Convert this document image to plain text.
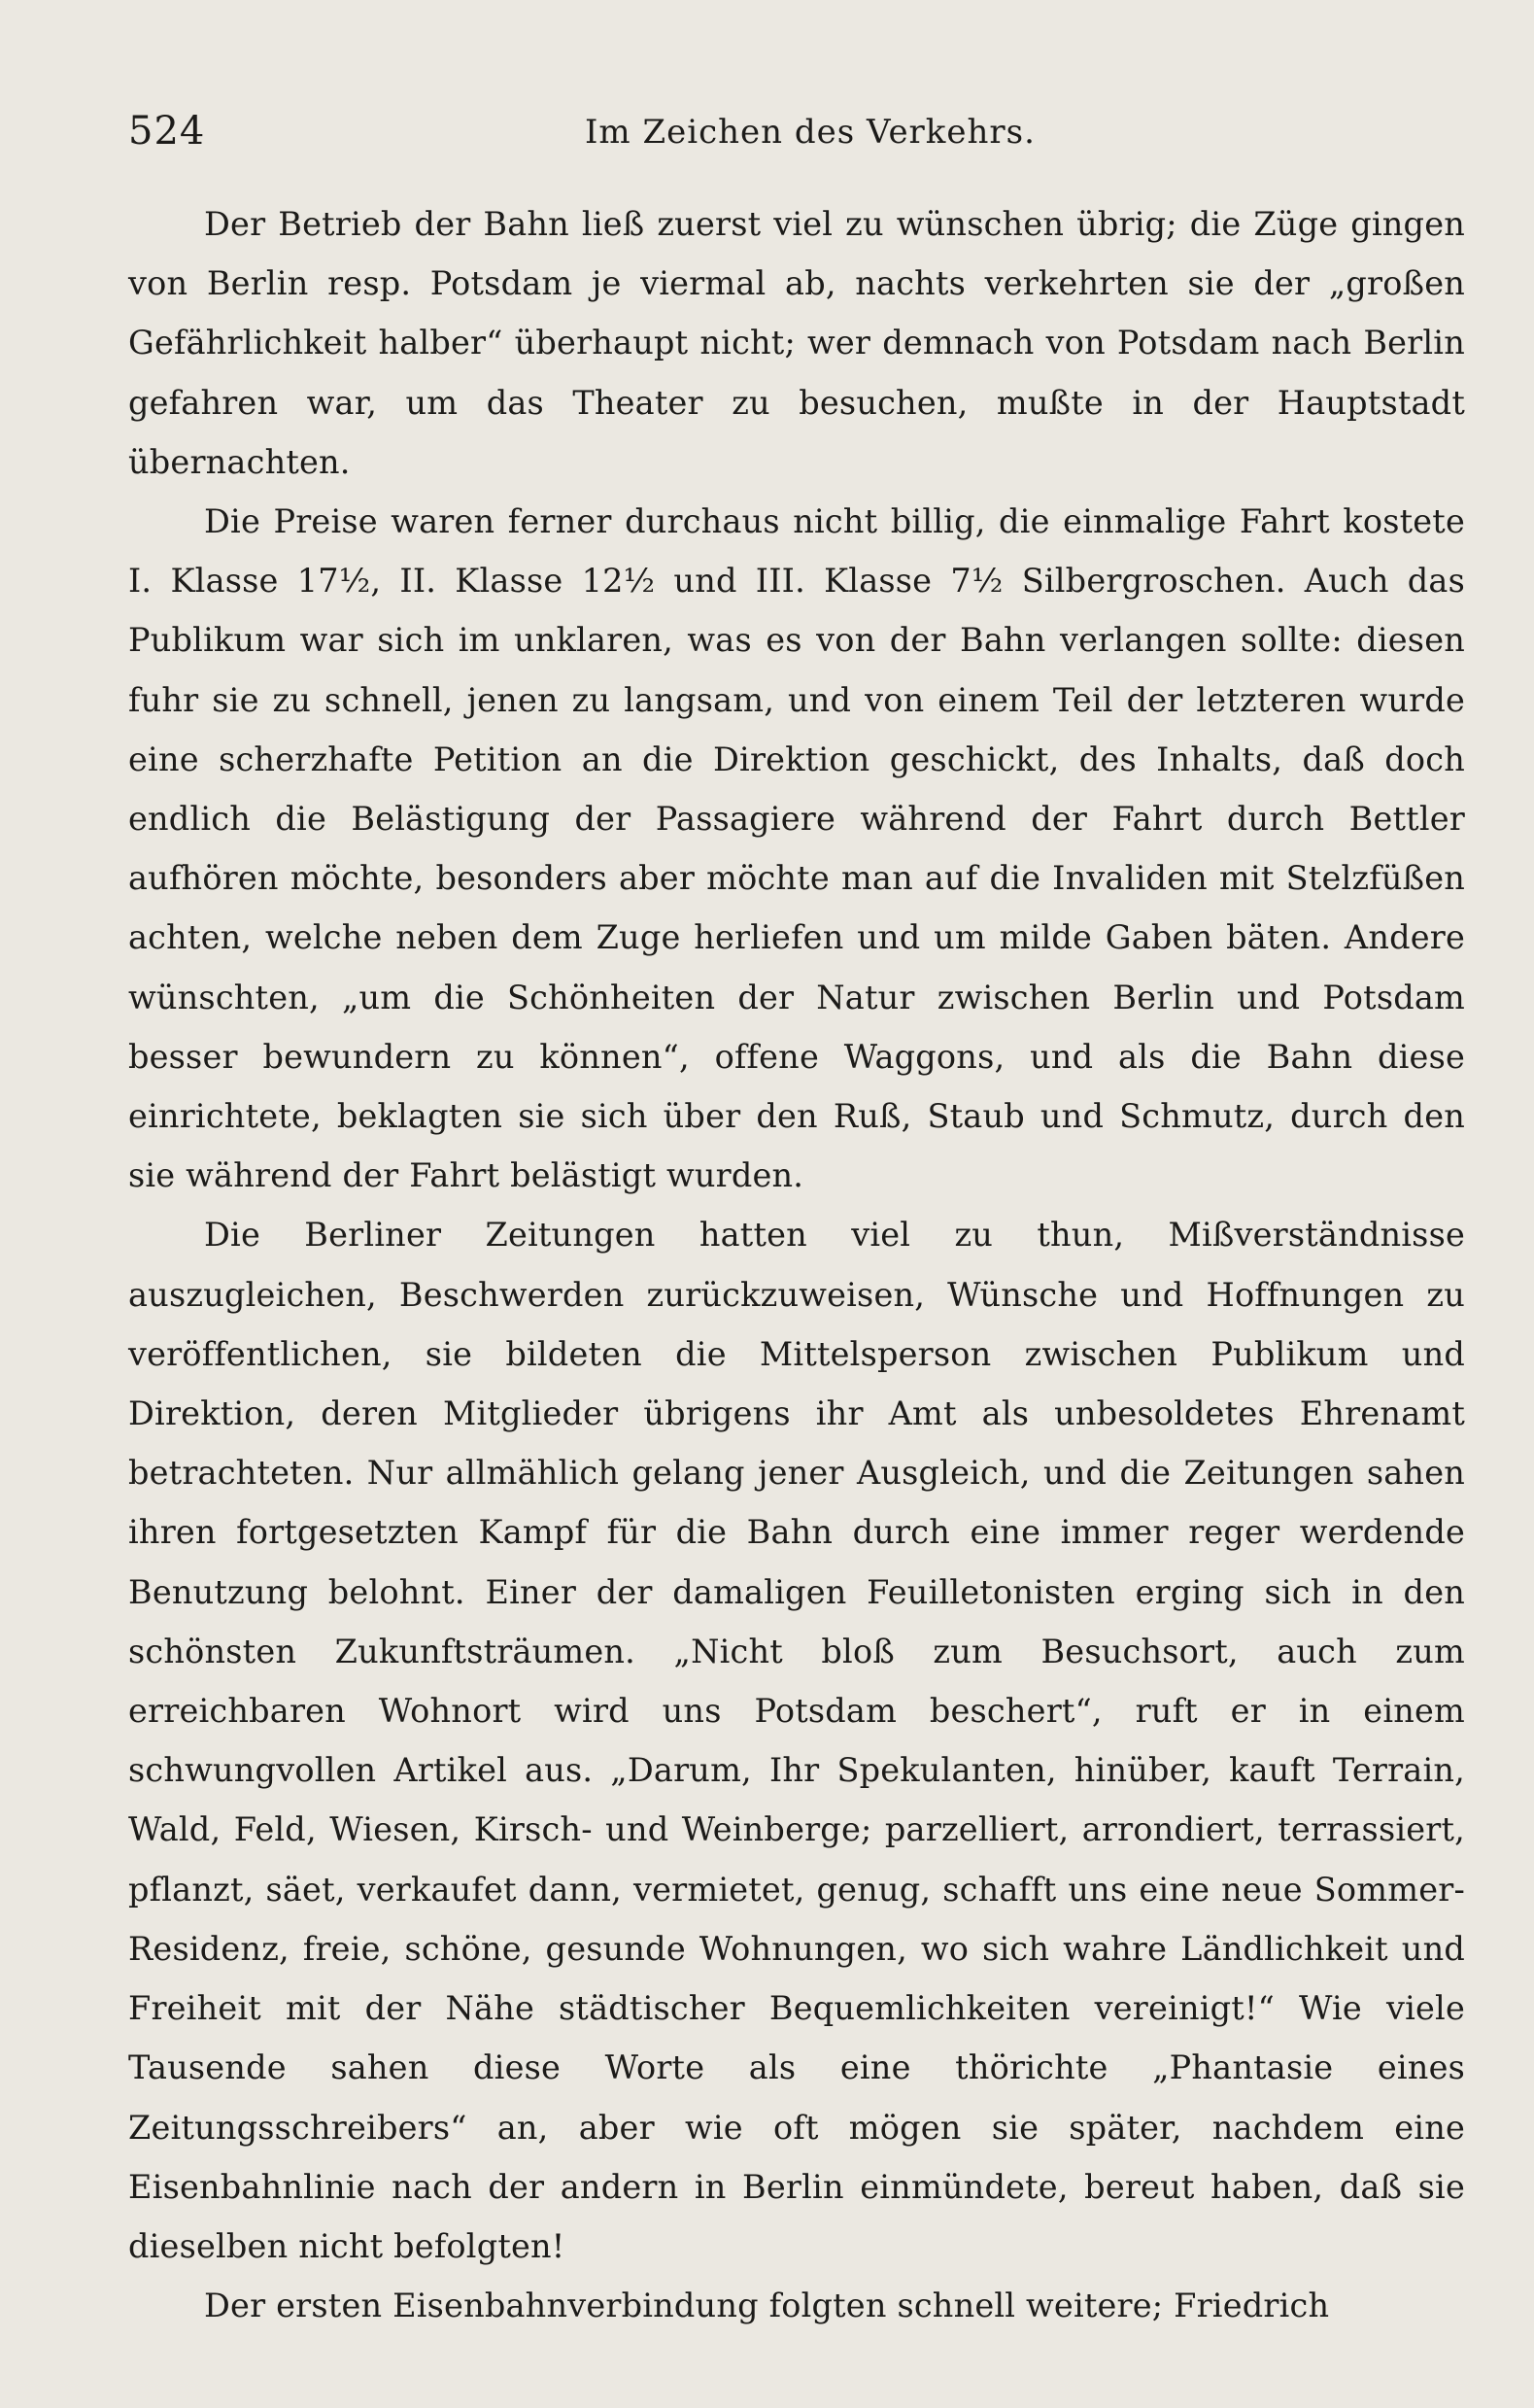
524	Im Zeichen des Verkehrs.

Der Betrieb der Bahn ließ zuerst viel zu wünschen übrig; die Züge gingen von Berlin resp. Potsdam je viermal ab, nachts verkehrten sie der „großen Gefährlichkeit halber“ überhaupt nicht; wer demnach von Potsdam nach Berlin gefahren war, um das Theater zu besuchen, mußte in der Hauptstadt übernachten.

Die Preise waren ferner durchaus nicht billig, die einmalige Fahrt kostete I. Klasse 17½, II. Klasse 12½ und III. Klasse 7½ Silbergroschen. Auch das Publikum war sich im unklaren, was es von der Bahn verlangen sollte: diesen fuhr sie zu schnell, jenen zu langsam, und von einem Teil der letzteren wurde eine scherzhafte Petition an die Direktion geschickt, des Inhalts, daß doch endlich die Belästigung der Passagiere während der Fahrt durch Bettler aufhören möchte, besonders aber möchte man auf die Invaliden mit Stelzfüßen achten, welche neben dem Zuge herliefen und um milde Gaben bäten. Andere wünschten, „um die Schönheiten der Natur zwischen Berlin und Potsdam besser bewundern zu können“, offene Waggons, und als die Bahn diese einrichtete, beklagten sie sich über den Ruß, Staub und Schmutz, durch den sie während der Fahrt belästigt wurden.

Die Berliner Zeitungen hatten viel zu thun, Mißverständnisse auszugleichen, Beschwerden zurückzuweisen, Wünsche und Hoffnungen zu veröffentlichen, sie bildeten die Mittelsperson zwischen Publikum und Direktion, deren Mitglieder übrigens ihr Amt als unbesoldetes Ehrenamt betrachteten. Nur allmählich gelang jener Ausgleich, und die Zeitungen sahen ihren fortgesetzten Kampf für die Bahn durch eine immer reger werdende Benutzung belohnt. Einer der damaligen Feuilletonisten erging sich in den schönsten Zukunftsträumen. „Nicht bloß zum Besuchsort, auch zum erreichbaren Wohnort wird uns Potsdam beschert“, ruft er in einem schwungvollen Artikel aus. „Darum, Ihr Spekulanten, hinüber, kauft Terrain, Wald, Feld, Wiesen, Kirsch- und Weinberge; parzelliert, arrondiert, terrassiert, pflanzt, säet, verkaufet dann, vermietet, genug, schafft uns eine neue Sommer-Residenz, freie, schöne, gesunde Wohnungen, wo sich wahre Ländlichkeit und Freiheit mit der Nähe städtischer Bequemlichkeiten vereinigt!“ Wie viele Tausende sahen diese Worte als eine thörichte „Phantasie eines Zeitungsschreibers“ an, aber wie oft mögen sie später, nachdem eine Eisenbahnlinie nach der andern in Berlin einmündete, bereut haben, daß sie dieselben nicht befolgten!

Der ersten Eisenbahnverbindung folgten schnell weitere; Friedrich
